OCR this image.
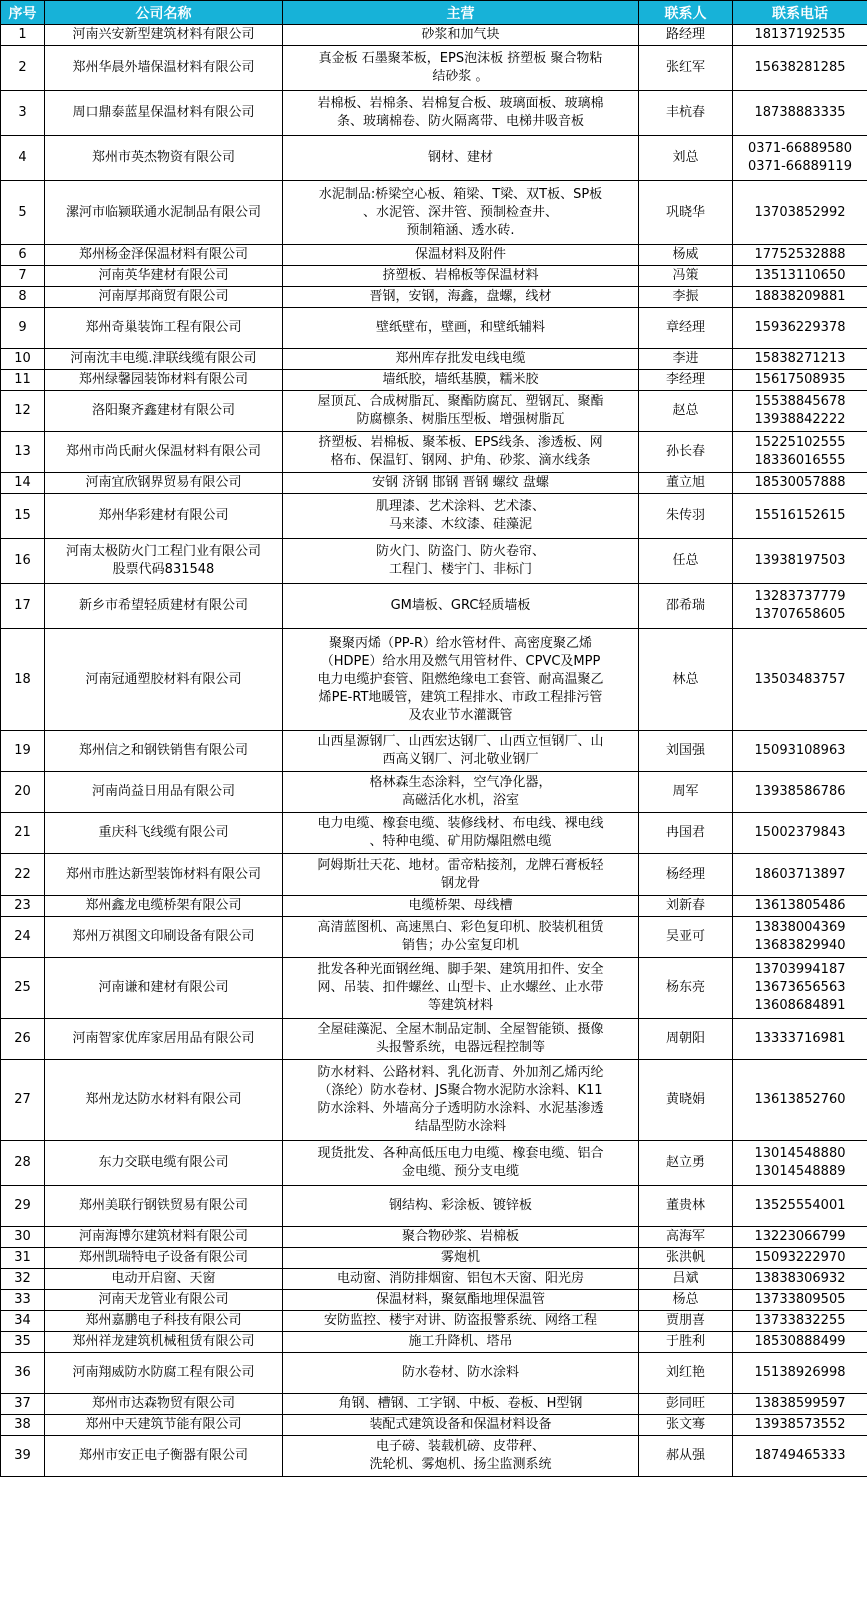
序号	公司名称	主营	联系人	联系电话
1	河南兴安新型建筑材料有限公司	砂浆和加气块	路经理	18137192535

2	郑州华晨外墙保温材料有限公司	真金板 石墨聚苯板，EPS泡沫板 挤塑板 聚合物粘
结砂浆 。	张红军	15638281285

3	周口鼎泰蓝星保温材料有限公司	岩棉板、岩棉条、岩棉复合板、玻璃面板、玻璃棉
条、玻璃棉卷、防火隔离带、电梯井吸音板	丰杭春	18738883335

4	郑州市英杰物资有限公司	钢材、建材	刘总	0371-66889580
0371-66889119

5	漯河市临颍联通水泥制品有限公司	水泥制品:桥梁空心板、箱梁、T梁、双T板、SP板
、水泥管、深井管、预制检查井、
预制箱涵、透水砖.	巩晓华	13703852992

6	郑州杨金泽保温材料有限公司	保温材料及附件	杨威	17752532888

7	河南英华建材有限公司	挤塑板、岩棉板等保温材料	冯策	13513110650

8	河南厚邦商贸有限公司	晋钢，安钢，海鑫，盘螺，线材	李振	18838209881

9	郑州奇巢装饰工程有限公司	壁纸壁布，壁画，和壁纸辅料	章经理	15936229378

10	河南沈丰电缆.津联线缆有限公司	郑州库存批发电线电缆	李进	15838271213

11	郑州绿馨园装饰材料有限公司	墙纸胶，墙纸基膜，糯米胶	李经理	15617508935

12	洛阳聚齐鑫建材有限公司	屋顶瓦、合成树脂瓦、聚酯防腐瓦、塑钢瓦、聚酯
防腐檩条、树脂压型板、增强树脂瓦	赵总	15538845678
13938842222

13	郑州市尚氏耐火保温材料有限公司	挤塑板、岩棉板、聚苯板、EPS线条、渗透板、网
格布、保温钉、钢网、护角、砂浆、滴水线条	孙长春	15225102555
18336016555

14	河南宜欣钢界贸易有限公司	安钢 济钢 邯钢 晋钢 螺纹 盘螺	董立旭	18530057888

15	郑州华彩建材有限公司	肌理漆、艺术涂料、艺术漆、
马来漆、木纹漆、硅藻泥	朱传羽	15516152615

16	河南太极防火门工程门业有限公司
股票代码831548	防火门、防盗门、防火卷帘、
工程门、楼宇门、非标门	任总	13938197503

17	新乡市希望轻质建材有限公司	GM墙板、GRC轻质墙板	邵希瑞	13283737779
13707658605

18	河南冠通塑胶材料有限公司	聚聚丙烯（PP-R）给水管材件、高密度聚乙烯
（HDPE）给水用及燃气用管材件、CPVC及MPP
电力电缆护套管、阻燃绝缘电工套管、耐高温聚乙
烯PE-RT地暖管，建筑工程排水、市政工程排污管
及农业节水灌溉管	林总	13503483757

19	郑州信之和钢铁销售有限公司	山西星源钢厂、山西宏达钢厂、山西立恒钢厂、山
西高义钢厂、河北敬业钢厂	刘国强	15093108963

20	河南尚益日用品有限公司	格林森生态涂料，空气净化器，
高磁活化水机，浴室	周军	13938586786

21	重庆科飞线缆有限公司	电力电缆、橡套电缆、装修线材、布电线、裸电线
、特种电缆、矿用防爆阻燃电缆	冉国君	15002379843

22	郑州市胜达新型装饰材料有限公司	阿姆斯壮天花、地材。雷帝粘接剂，龙牌石膏板轻
钢龙骨	杨经理	18603713897

23	郑州鑫龙电缆桥架有限公司	电缆桥架、母线槽	刘新春	13613805486

24	郑州万祺图文印刷设备有限公司	高清蓝图机、高速黑白、彩色复印机、胶装机租赁
销售；办公室复印机	吴亚可	13838004369
13683829940

25	河南谦和建材有限公司	批发各种光面钢丝绳、脚手架、建筑用扣件、安全
网、吊装、扣件螺丝、山型卡、止水螺丝、止水带
等建筑材料	杨东亮	13703994187
13673656563
13608684891

26	河南智家优库家居用品有限公司	全屋硅藻泥、全屋木制品定制、全屋智能锁、摄像
头报警系统，电器远程控制等	周朝阳	13333716981

27	郑州龙达防水材料有限公司	防水材料、公路材料、乳化沥青、外加剂乙烯丙纶
（涤纶）防水卷材、JS聚合物水泥防水涂料、K11
防水涂料、外墙高分子透明防水涂料、水泥基渗透
结晶型防水涂料	黄晓娟	13613852760

28	东力交联电缆有限公司	现货批发、各种高低压电力电缆、橡套电缆、铝合
金电缆、预分支电缆	赵立勇	13014548880
13014548889

29	郑州美联行钢铁贸易有限公司	钢结构、彩涂板、镀锌板	董贵林	13525554001

30	河南海博尔建筑材料有限公司	聚合物砂浆、岩棉板	高海军	13223066799

31	郑州凯瑞特电子设备有限公司	雾炮机	张洪帆	15093222970

32	电动开启窗、天窗	电动窗、消防排烟窗、铝包木天窗、阳光房	吕斌	13838306932

33	河南天龙管业有限公司	保温材料，聚氨酯地埋保温管	杨总	13733809505

34	郑州嘉鹏电子科技有限公司	安防监控、楼宇对讲、防盗报警系统、网络工程	贾朋喜	13733832255

35	郑州祥龙建筑机械租赁有限公司	施工升降机、塔吊	于胜利	18530888499

36	河南翔威防水防腐工程有限公司	防水卷材、防水涂料	刘红艳	15138926998

37	郑州市达森物贸有限公司	角钢、槽钢、工字钢、中板、卷板、H型钢	彭同旺	13838599597

38	郑州中天建筑节能有限公司	装配式建筑设备和保温材料设备	张文骞	13938573552

39	郑州市安正电子衡器有限公司	电子磅、装载机磅、皮带秤、
洗轮机、雾炮机、扬尘监测系统	郝从强	18749465333
